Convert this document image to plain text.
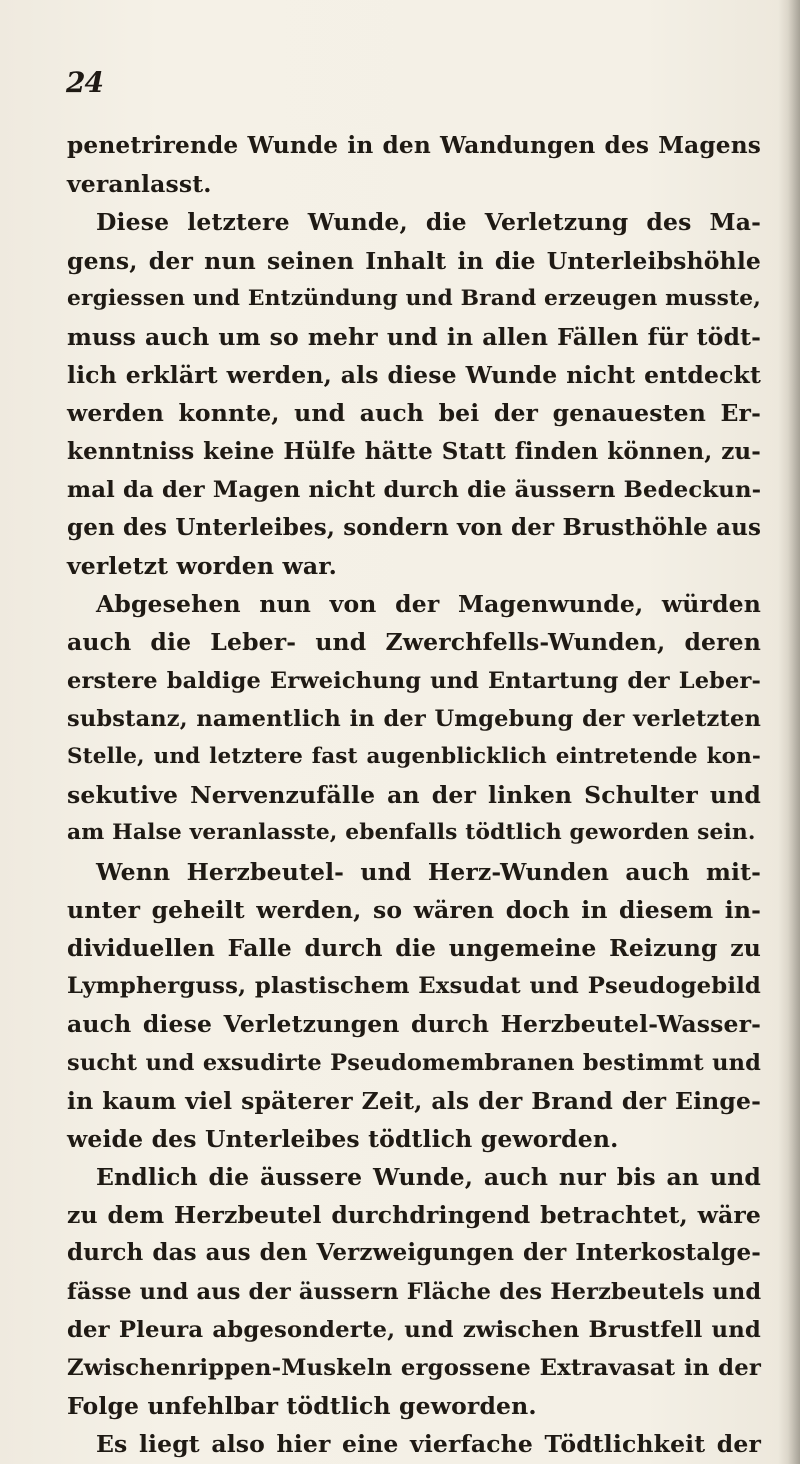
24
penetrirende Wunde in den Wandungen des Magens
veranlasst.
Diese letztere Wunde, die Verletzung des Ma-
gens, der nun seinen Inhalt in die Unterleibshöhle
ergiessen und Entzündung und Brand erzeugen musste,
muss auch um so mehr und in allen Fällen für tödt-
lich erklärt werden, als diese Wunde nicht entdeckt
werden konnte, und auch bei der genauesten Er-
kenntniss keine Hülfe hätte Statt finden können, zu-
mal da der Magen nicht durch die äussern Bedeckun-
gen des Unterleibes, sondern von der Brusthöhle aus
verletzt worden war.
Abgesehen nun von der Magenwunde, würden
auch die Leber- und Zwerchfells-Wunden, deren
erstere baldige Erweichung und Entartung der Leber-
substanz, namentlich in der Umgebung der verletzten
Stelle, und letztere fast augenblicklich eintretende kon-
sekutive Nervenzufälle an der linken Schulter und
am Halse veranlasste, ebenfalls tödtlich geworden sein.
Wenn Herzbeutel- und Herz-Wunden auch mit-
unter geheilt werden, so wären doch in diesem in-
dividuellen Falle durch die ungemeine Reizung zu
Lympherguss, plastischem Exsudat und Pseudogebild
auch diese Verletzungen durch Herzbeutel-Wasser-
sucht und exsudirte Pseudomembranen bestimmt und
in kaum viel späterer Zeit, als der Brand der Einge-
weide des Unterleibes tödtlich geworden.
Endlich die äussere Wunde, auch nur bis an und
zu dem Herzbeutel durchdringend betrachtet, wäre
durch das aus den Verzweigungen der Interkostalge-
fässe und aus der äussern Fläche des Herzbeutels und
der Pleura abgesonderte, und zwischen Brustfell und
Zwischenrippen-Muskeln ergossene Extravasat in der
Folge unfehlbar tödtlich geworden.
Es liegt also hier eine vierfache Tödtlichkeit der
